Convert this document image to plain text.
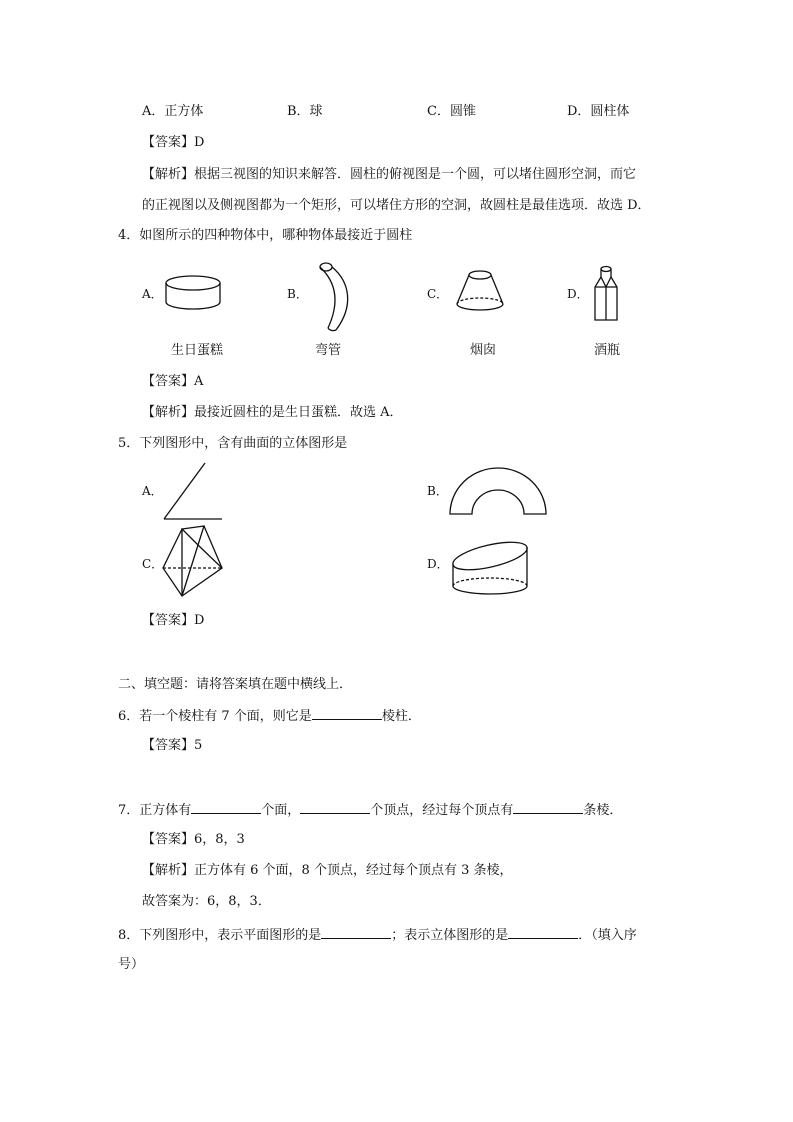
A．正方体	B．球	C．圆锥	D．圆柱体
【答案】D
【解析】根据三视图的知识来解答．圆柱的俯视图是一个圆，可以堵住圆形空洞，而它
的正视图以及侧视图都为一个矩形，可以堵住方形的空洞，故圆柱是最佳选项．故选 D．
4．如图所示的四种物体中，哪种物体最接近于圆柱
A．	B．	C．	D．
生日蛋糕	弯管	烟囱	酒瓶
【答案】A
【解析】最接近圆柱的是生日蛋糕．故选 A．
5．下列图形中，含有曲面的立体图形是
A．	B．
C．	D．
【答案】D
二、填空题：请将答案填在题中横线上．
6．若一个棱柱有 7 个面，则它是	棱柱．
【答案】5
7．正方体有	个面，	个顶点，经过每个顶点有	条棱．
【答案】6，8，3
【解析】正方体有 6 个面，8 个顶点，经过每个顶点有 3 条棱，
故答案为：6，8，3．
8．下列图形中，表示平面图形的是	；表示立体图形的是	．（填入序
号）
